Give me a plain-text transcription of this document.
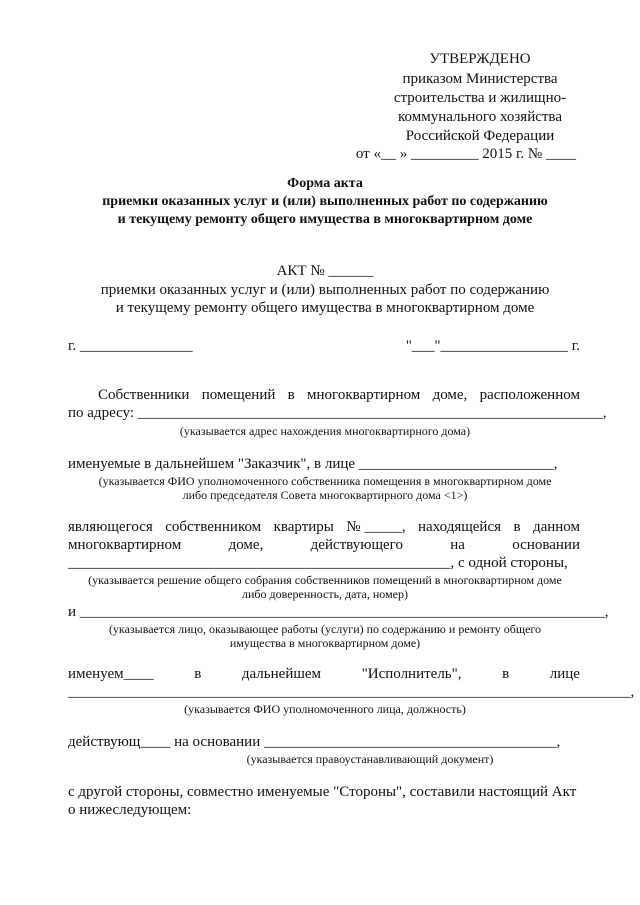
УТВЕРЖДЕНО
приказом Министерства
строительства и жилищно-
коммунального хозяйства
Российской Федерации
от «__ » _________ 2015 г. № ____
Форма акта
приемки оказанных услуг и (или) выполненных работ по содержанию
и текущему ремонту общего имущества в многоквартирном доме
АКТ № ______
приемки оказанных услуг и (или) выполненных работ по содержанию
и текущему ремонту общего имущества в многоквартирном доме
г. _______________	"___"_________________ г.
Собственники помещений в многоквартирном доме, расположенном
по адресу: ______________________________________________________________,
(указывается адрес нахождения многоквартирного дома)
именуемые в дальнейшем "Заказчик", в лице __________________________,
(указывается ФИО уполномоченного собственника помещения в многоквартирном доме
либо председателя Совета многоквартирного дома <1>)
являющегося собственником квартиры № _____, находящейся в данном
многоквартирном	доме,	действующего	на	основании
___________________________________________________, с одной стороны,
(указывается решение общего собрания собственников помещений в многоквартирном доме
либо доверенность, дата, номер)
и ______________________________________________________________________,
(указывается лицо, оказывающее работы (услуги) по содержанию и ремонту общего
имущества в многоквартирном доме)
именуем____	в	дальнейшем	"Исполнитель",	в	лице
___________________________________________________________________________,
(указывается ФИО уполномоченного лица, должность)
действующ____ на основании _______________________________________,
(указывается правоустанавливающий документ)
с другой стороны, совместно именуемые "Стороны", составили настоящий Акт
о нижеследующем:
